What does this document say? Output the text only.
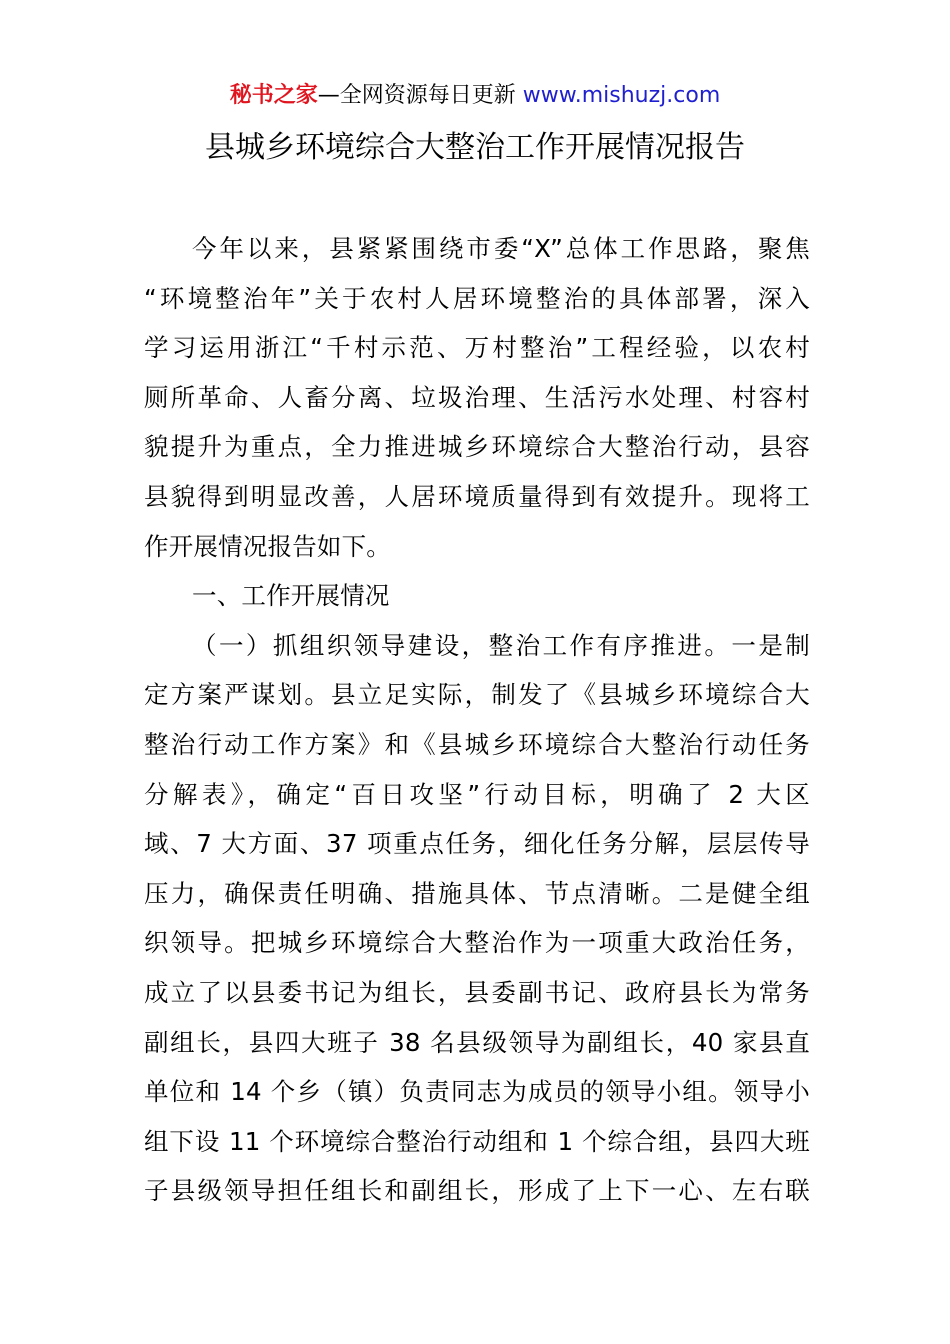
秘书之家—全网资源每日更新 www.mishuzj.com
县城乡环境综合大整治工作开展情况报告
今年以来，县紧紧围绕市委“X”总体工作思路，聚焦
“环境整治年”关于农村人居环境整治的具体部署，深入
学习运用浙江“千村示范、万村整治”工程经验，以农村
厕所革命、人畜分离、垃圾治理、生活污水处理、村容村
貌提升为重点，全力推进城乡环境综合大整治行动，县容
县貌得到明显改善，人居环境质量得到有效提升。现将工
作开展情况报告如下。
一、工作开展情况
（一）抓组织领导建设，整治工作有序推进。一是制
定方案严谋划。县立足实际，制发了《县城乡环境综合大
整治行动工作方案》和《县城乡环境综合大整治行动任务
分解表》，确定“百日攻坚”行动目标，明确了 2 大区
域、7 大方面、37 项重点任务，细化任务分解，层层传导
压力，确保责任明确、措施具体、节点清晰。二是健全组
织领导。把城乡环境综合大整治作为一项重大政治任务，
成立了以县委书记为组长，县委副书记、政府县长为常务
副组长，县四大班子 38 名县级领导为副组长，40 家县直
单位和 14 个乡（镇）负责同志为成员的领导小组。领导小
组下设 11 个环境综合整治行动组和 1 个综合组，县四大班
子县级领导担任组长和副组长，形成了上下一心、左右联
